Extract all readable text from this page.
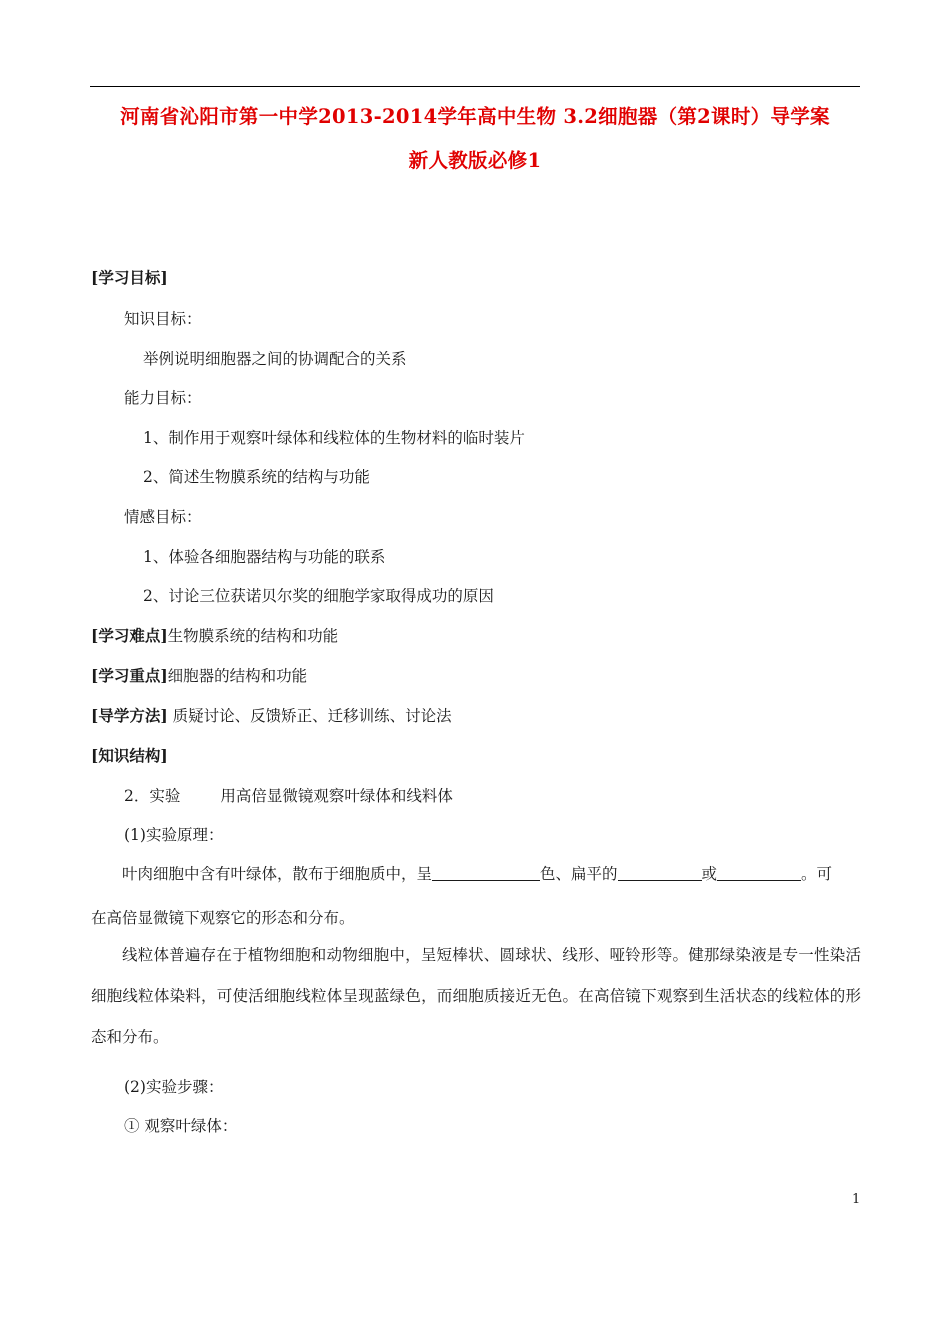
河南省沁阳市第一中学2013-2014学年高中生物 3.2细胞器（第2课时）导学案
新人教版必修1
[学习目标]
知识目标：
举例说明细胞器之间的协调配合的关系
能力目标：
1、制作用于观察叶绿体和线粒体的生物材料的临时装片
2、简述生物膜系统的结构与功能
情感目标：
1、体验各细胞器结构与功能的联系
2、讨论三位获诺贝尔奖的细胞学家取得成功的原因
[学习难点]生物膜系统的结构和功能
[学习重点]细胞器的结构和功能
[导学方法] 质疑讨论、反馈矫正、迁移训练、讨论法
[知识结构]
2．实验	用高倍显微镜观察叶绿体和线料体
(1)实验原理：
叶肉细胞中含有叶绿体，散布于细胞质中，呈	色、扁平的	或	。可
在高倍显微镜下观察它的形态和分布。
线粒体普遍存在于植物细胞和动物细胞中，呈短棒状、圆球状、线形、哑铃形等。健那绿染液是专一性染活细胞线粒体染料，可使活细胞线粒体呈现蓝绿色，而细胞质接近无色。在高倍镜下观察到生活状态的线粒体的形态和分布。
(2)实验步骤：
① 观察叶绿体：
1
